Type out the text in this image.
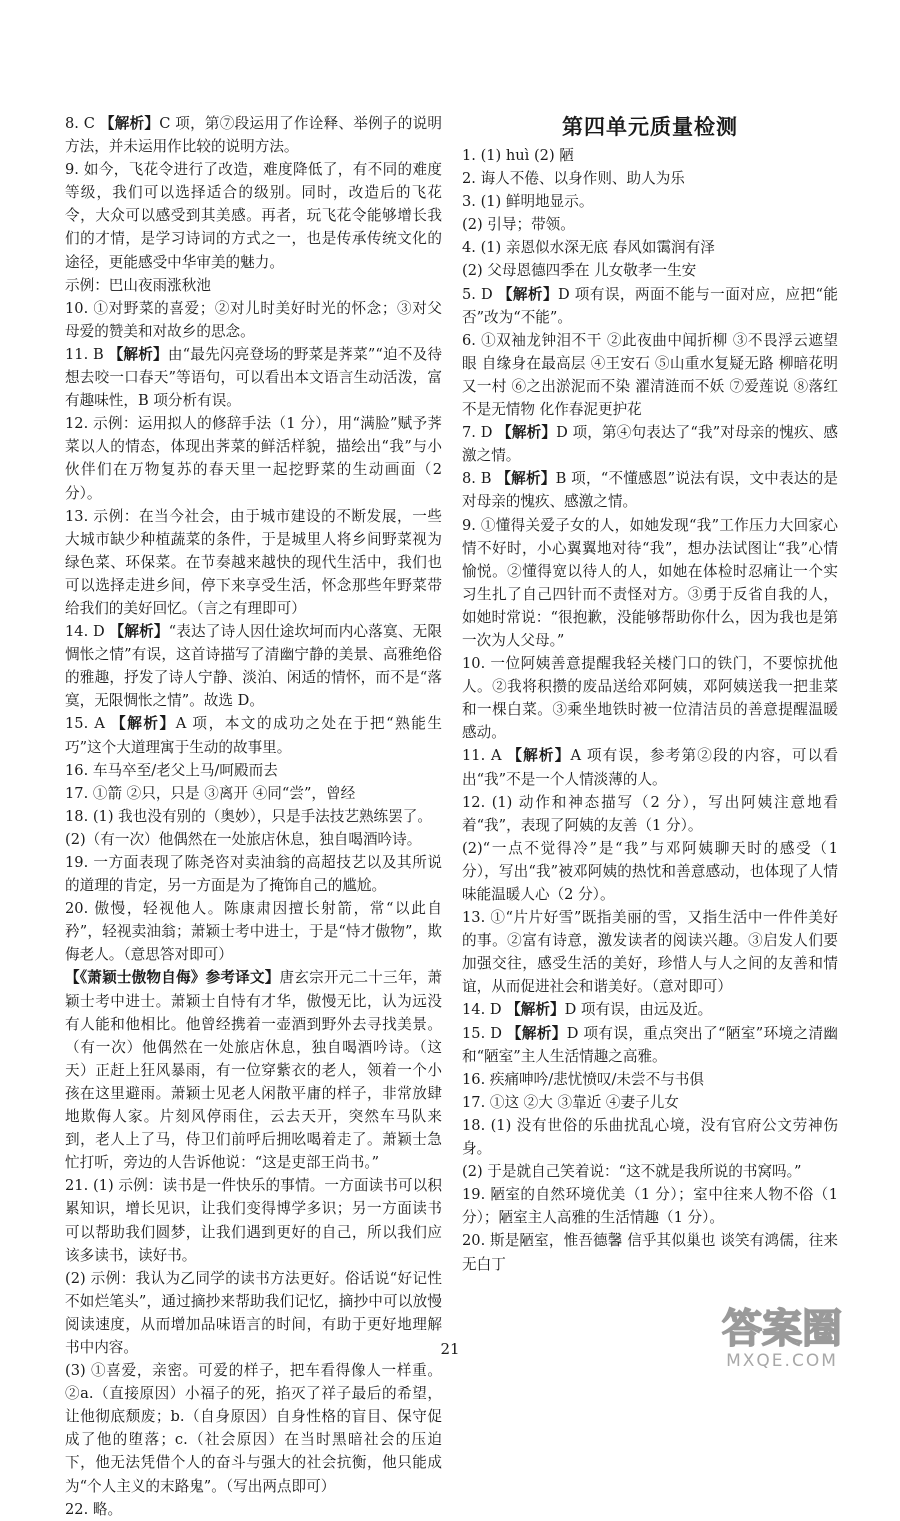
8. C 【解析】C 项，第⑦段运用了作诠释、举例子的说明方法，并未运用作比较的说明方法。

9. 如今，飞花令进行了改造，难度降低了，有不同的难度等级，我们可以选择适合的级别。同时，改造后的飞花令，大众可以感受到其美感。再者，玩飞花令能够增长我们的才情，是学习诗词的方式之一，也是传承传统文化的途径，更能感受中华审美的魅力。

示例：巴山夜雨涨秋池

10. ①对野菜的喜爱；②对儿时美好时光的怀念；③对父母爱的赞美和对故乡的思念。

11. B 【解析】由“最先闪亮登场的野菜是荠菜”“迫不及待想去咬一口春天”等语句，可以看出本文语言生动活泼，富有趣味性，B 项分析有误。

12. 示例：运用拟人的修辞手法（1 分），用“满脸”赋予荠菜以人的情态，体现出荠菜的鲜活样貌，描绘出“我”与小伙伴们在万物复苏的春天里一起挖野菜的生动画面（2 分）。

13. 示例：在当今社会，由于城市建设的不断发展，一些大城市缺少种植蔬菜的条件，于是城里人将乡间野菜视为绿色菜、环保菜。在节奏越来越快的现代生活中，我们也可以选择走进乡间，停下来享受生活，怀念那些年野菜带给我们的美好回忆。（言之有理即可）

14. D 【解析】“表达了诗人因仕途坎坷而内心落寞、无限惆怅之情”有误，这首诗描写了清幽宁静的美景、高雅绝俗的雅趣，抒发了诗人宁静、淡泊、闲适的情怀，而不是“落寞，无限惆怅之情”。故选 D。

15. A 【解析】A 项，本文的成功之处在于把“熟能生巧”这个大道理寓于生动的故事里。

16. 车马卒至/老父上马/呵殿而去

17. ①箭 ②只，只是 ③离开 ④同“尝”，曾经

18. (1) 我也没有别的（奥妙），只是手法技艺熟练罢了。

(2)（有一次）他偶然在一处旅店休息，独自喝酒吟诗。

19. 一方面表现了陈尧咨对卖油翁的高超技艺以及其所说的道理的肯定，另一方面是为了掩饰自己的尴尬。

20. 傲慢，轻视他人。陈康肃因擅长射箭，常“以此自矜”，轻视卖油翁；萧颖士考中进士，于是“恃才傲物”，欺侮老人。（意思答对即可）

【《萧颖士傲物自侮》参考译文】唐玄宗开元二十三年，萧颖士考中进士。萧颖士自恃有才华，傲慢无比，认为远没有人能和他相比。他曾经携着一壶酒到野外去寻找美景。（有一次）他偶然在一处旅店休息，独自喝酒吟诗。（这天）正赶上狂风暴雨，有一位穿紫衣的老人，领着一个小孩在这里避雨。萧颖士见老人闲散平庸的样子，非常放肆地欺侮人家。片刻风停雨住，云去天开，突然车马队来到，老人上了马，侍卫们前呼后拥吆喝着走了。萧颖士急忙打听，旁边的人告诉他说：“这是吏部王尚书。”

21. (1) 示例：读书是一件快乐的事情。一方面读书可以积累知识，增长见识，让我们变得博学多识；另一方面读书可以帮助我们圆梦，让我们遇到更好的自己，所以我们应该多读书，读好书。

(2) 示例：我认为乙同学的读书方法更好。俗话说“好记性不如烂笔头”，通过摘抄来帮助我们记忆，摘抄中可以放慢阅读速度，从而增加品味语言的时间，有助于更好地理解书中内容。

(3) ①喜爱，亲密。可爱的样子，把车看得像人一样重。②a.（直接原因）小福子的死，掐灭了祥子最后的希望，让他彻底颓废；b.（自身原因）自身性格的盲目、保守促成了他的堕落；c.（社会原因）在当时黑暗社会的压迫下，他无法凭借个人的奋斗与强大的社会抗衡，他只能成为“个人主义的末路鬼”。（写出两点即可）

22. 略。

第四单元质量检测

1. (1) huì (2) 陋

2. 诲人不倦、以身作则、助人为乐

3. (1) 鲜明地显示。

(2) 引导；带领。

4. (1) 亲恩似水深无底 春风如霭润有泽

(2) 父母恩德四季在 儿女敬孝一生安

5. D 【解析】D 项有误，两面不能与一面对应，应把“能否”改为“不能”。

6. ①双袖龙钟泪不干 ②此夜曲中闻折柳 ③不畏浮云遮望眼 自缘身在最高层 ④王安石 ⑤山重水复疑无路 柳暗花明又一村 ⑥之出淤泥而不染 濯清涟而不妖 ⑦爱莲说 ⑧落红不是无情物 化作春泥更护花

7. D 【解析】D 项，第④句表达了“我”对母亲的愧疚、感激之情。

8. B 【解析】B 项，“不懂感恩”说法有误，文中表达的是对母亲的愧疚、感激之情。

9. ①懂得关爱子女的人，如她发现“我”工作压力大回家心情不好时，小心翼翼地对待“我”，想办法试图让“我”心情愉悦。②懂得宽以待人的人，如她在体检时忍痛让一个实习生扎了自己四针而不责怪对方。③勇于反省自我的人，如她时常说：“很抱歉，没能够帮助你什么，因为我也是第一次为人父母。”

10. 一位阿姨善意提醒我轻关楼门口的铁门，不要惊扰他人。②我将积攒的废品送给邓阿姨，邓阿姨送我一把韭菜和一棵白菜。③乘坐地铁时被一位清洁员的善意提醒温暖感动。

11. A 【解析】A 项有误，参考第②段的内容，可以看出“我”不是一个人情淡薄的人。

12. (1) 动作和神态描写（2 分），写出阿姨注意地看着“我”，表现了阿姨的友善（1 分）。

(2)“一点不觉得冷”是“我”与邓阿姨聊天时的感受（1 分），写出“我”被邓阿姨的热忱和善意感动，也体现了人情味能温暖人心（2 分）。

13. ①“片片好雪”既指美丽的雪，又指生活中一件件美好的事。②富有诗意，激发读者的阅读兴趣。③启发人们要加强交往，感受生活的美好，珍惜人与人之间的友善和情谊，从而促进社会和谐美好。（意对即可）

14. D 【解析】D 项有误，由远及近。

15. D 【解析】D 项有误，重点突出了“陋室”环境之清幽和“陋室”主人生活情趣之高雅。

16. 疾痛呻吟/悲忧愤叹/未尝不与书俱

17. ①这 ②大 ③靠近 ④妻子儿女

18. (1) 没有世俗的乐曲扰乱心境，没有官府公文劳神伤身。

(2) 于是就自己笑着说：“这不就是我所说的书窝吗。”

19. 陋室的自然环境优美（1 分）；室中往来人物不俗（1 分）；陋室主人高雅的生活情趣（1 分）。

20. 斯是陋室，惟吾德馨 信乎其似巢也 谈笑有鸿儒，往来无白丁

21	答案圈
MXQE.COM
